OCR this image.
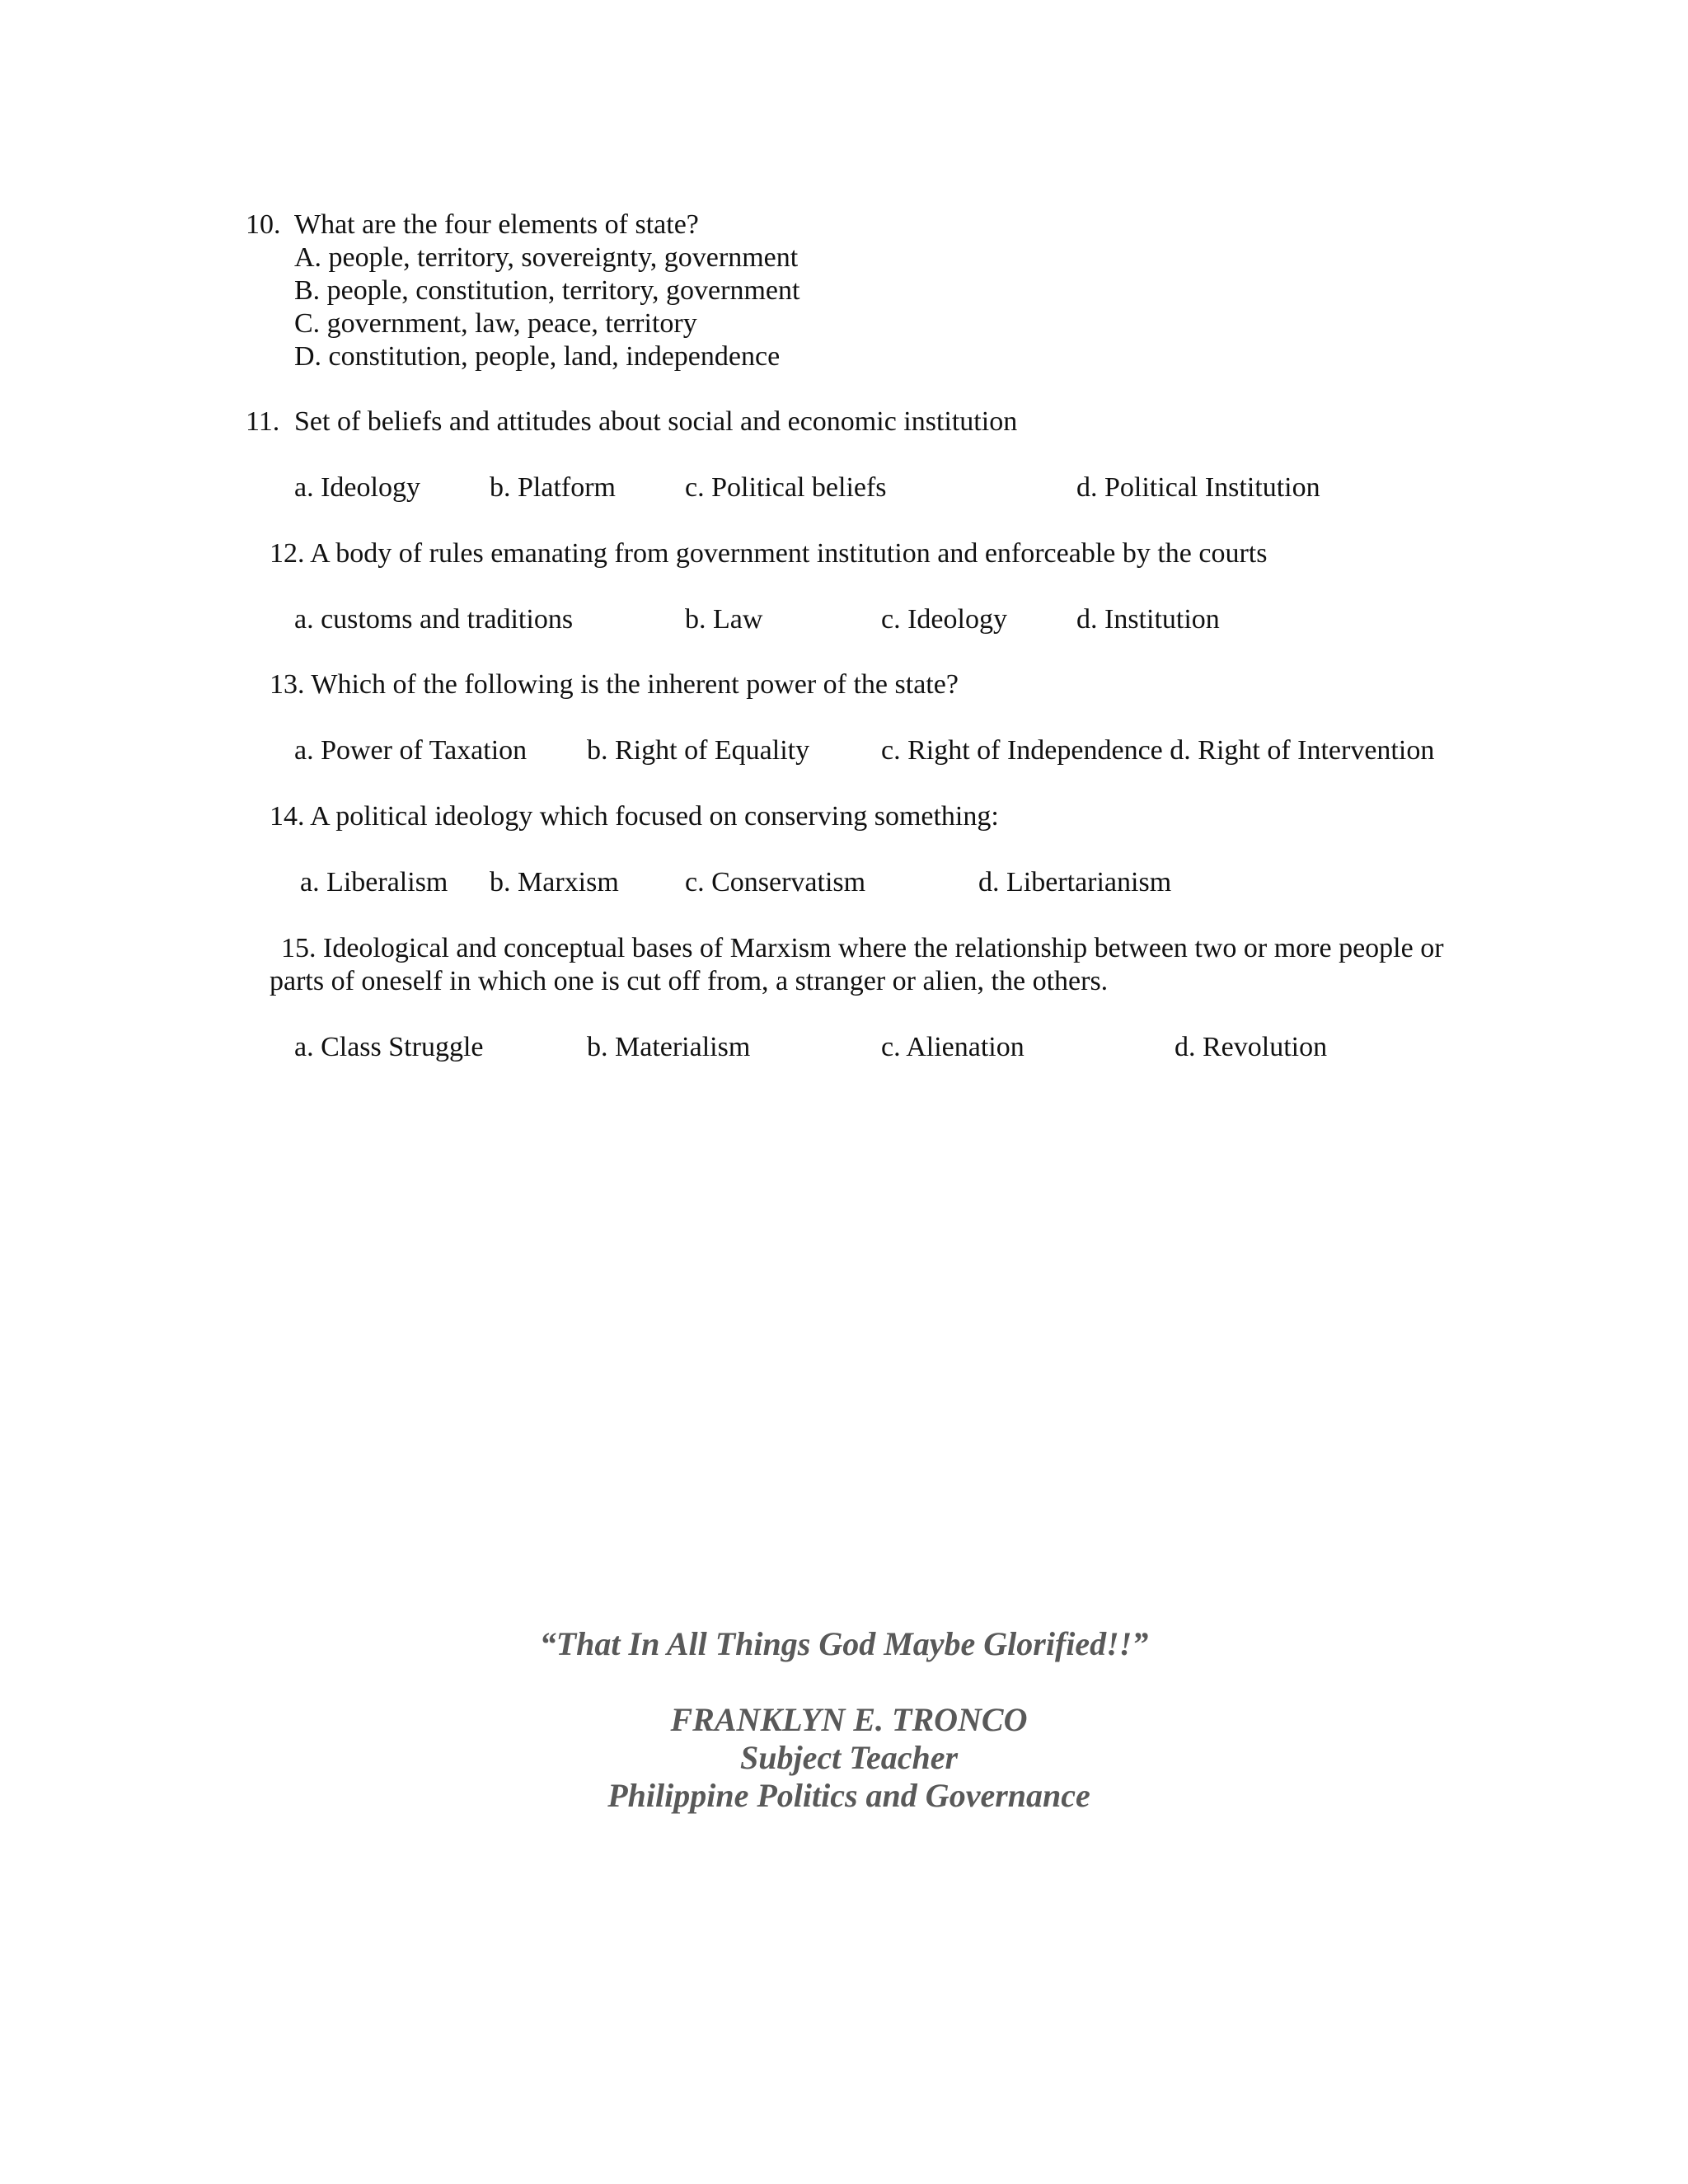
10. What are the four elements of state?
A. people, territory, sovereignty, government
B. people, constitution, territory, government
C. government, law, peace, territory
D. constitution, people, land, independence
11. Set of beliefs and attitudes about social and economic institution
a. Ideology b. Platform c. Political beliefs	d. Political Institution
12. A body of rules emanating from government institution and enforceable by the courts
a. customs and traditions	b. Law	c. Ideology d. Institution
13. Which of the following is the inherent power of the state?
a. Power of Taxation b. Right of Equality	c. Right of Independence d. Right of Intervention
14. A political ideology which focused on conserving something:
a. Liberalism b. Marxism c. Conservatism	d. Libertarianism
15. Ideological and conceptual bases of Marxism where the relationship between two or more people or
parts of oneself in which one is cut off from, a stranger or alien, the others.
a. Class Struggle	b. Materialism	c. Alienation	d. Revolution
“That In All Things God Maybe Glorified!!”
FRANKLYN E. TRONCO
Subject Teacher
Philippine Politics and Governance
